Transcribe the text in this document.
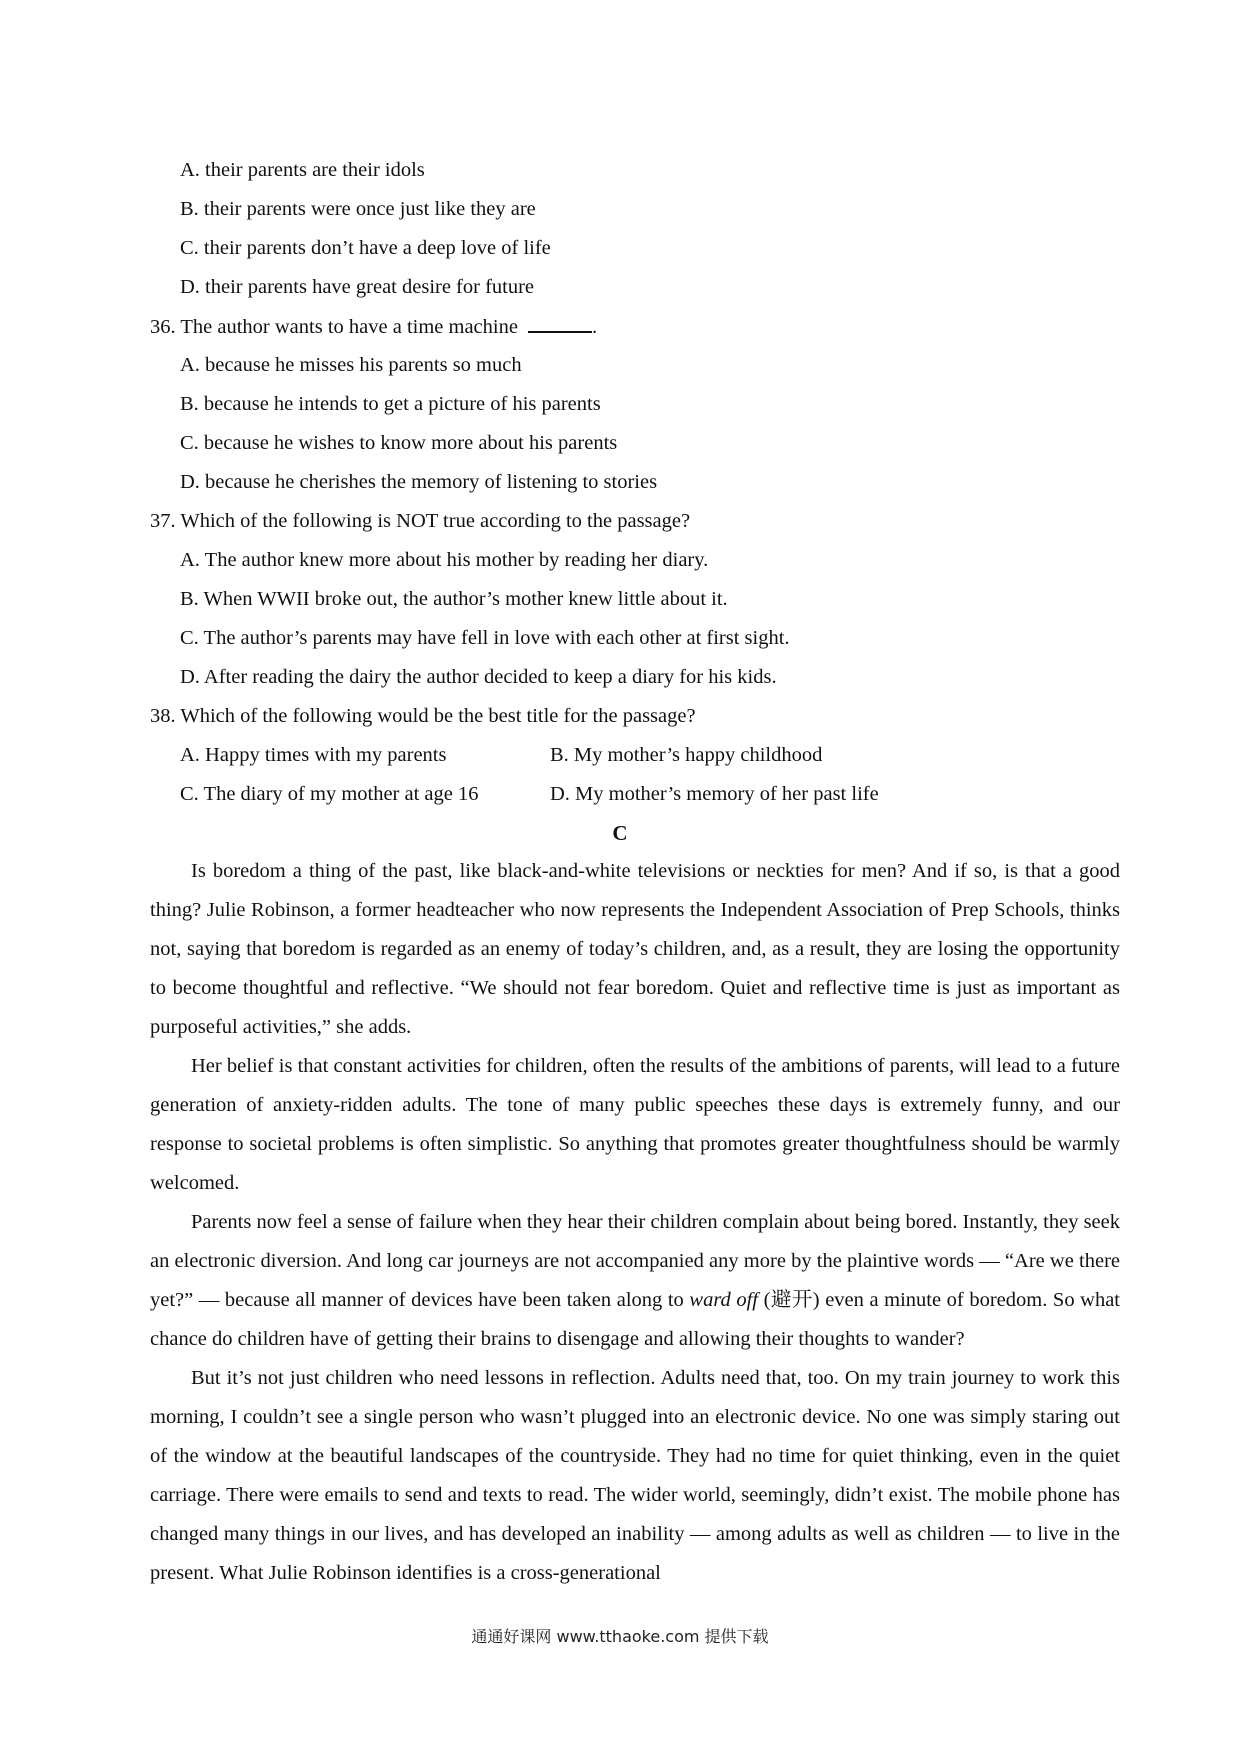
A. their parents are their idols
B. their parents were once just like they are
C. their parents don’t have a deep love of life
D. their parents have great desire for future
36. The author wants to have a time machine	.
A. because he misses his parents so much
B. because he intends to get a picture of his parents
C. because he wishes to know more about his parents
D. because he cherishes the memory of listening to stories
37. Which of the following is NOT true according to the passage?
A. The author knew more about his mother by reading her diary.
B. When WWII broke out, the author’s mother knew little about it.
C. The author’s parents may have fell in love with each other at first sight.
D. After reading the dairy the author decided to keep a diary for his kids.
38. Which of the following would be the best title for the passage?
A. Happy times with my parents	B. My mother’s happy childhood
C. The diary of my mother at age 16	D. My mother’s memory of her past life
C

Is boredom a thing of the past, like black-and-white televisions or neckties for men? And if so, is that a good thing? Julie Robinson, a former headteacher who now represents the Independent Association of Prep Schools, thinks not, saying that boredom is regarded as an enemy of today’s children, and, as a result, they are losing the opportunity to become thoughtful and reflective. “We should not fear boredom. Quiet and reflective time is just as important as purposeful activities,” she adds.

Her belief is that constant activities for children, often the results of the ambitions of parents, will lead to a future generation of anxiety-ridden adults. The tone of many public speeches these days is extremely funny, and our response to societal problems is often simplistic. So anything that promotes greater thoughtfulness should be warmly welcomed.

Parents now feel a sense of failure when they hear their children complain about being bored. Instantly, they seek an electronic diversion. And long car journeys are not accompanied any more by the plaintive words — “Are we there yet?” — because all manner of devices have been taken along to ward off (避开) even a minute of boredom. So what chance do children have of getting their brains to disengage and allowing their thoughts to wander?

But it’s not just children who need lessons in reflection. Adults need that, too. On my train journey to work this morning, I couldn’t see a single person who wasn’t plugged into an electronic device. No one was simply staring out of the window at the beautiful landscapes of the countryside. They had no time for quiet thinking, even in the quiet carriage. There were emails to send and texts to read. The wider world, seemingly, didn’t exist. The mobile phone has changed many things in our lives, and has developed an inability — among adults as well as children — to live in the present. What Julie Robinson identifies is a cross-generational

通通好课网 www.tthaoke.com 提供下载
